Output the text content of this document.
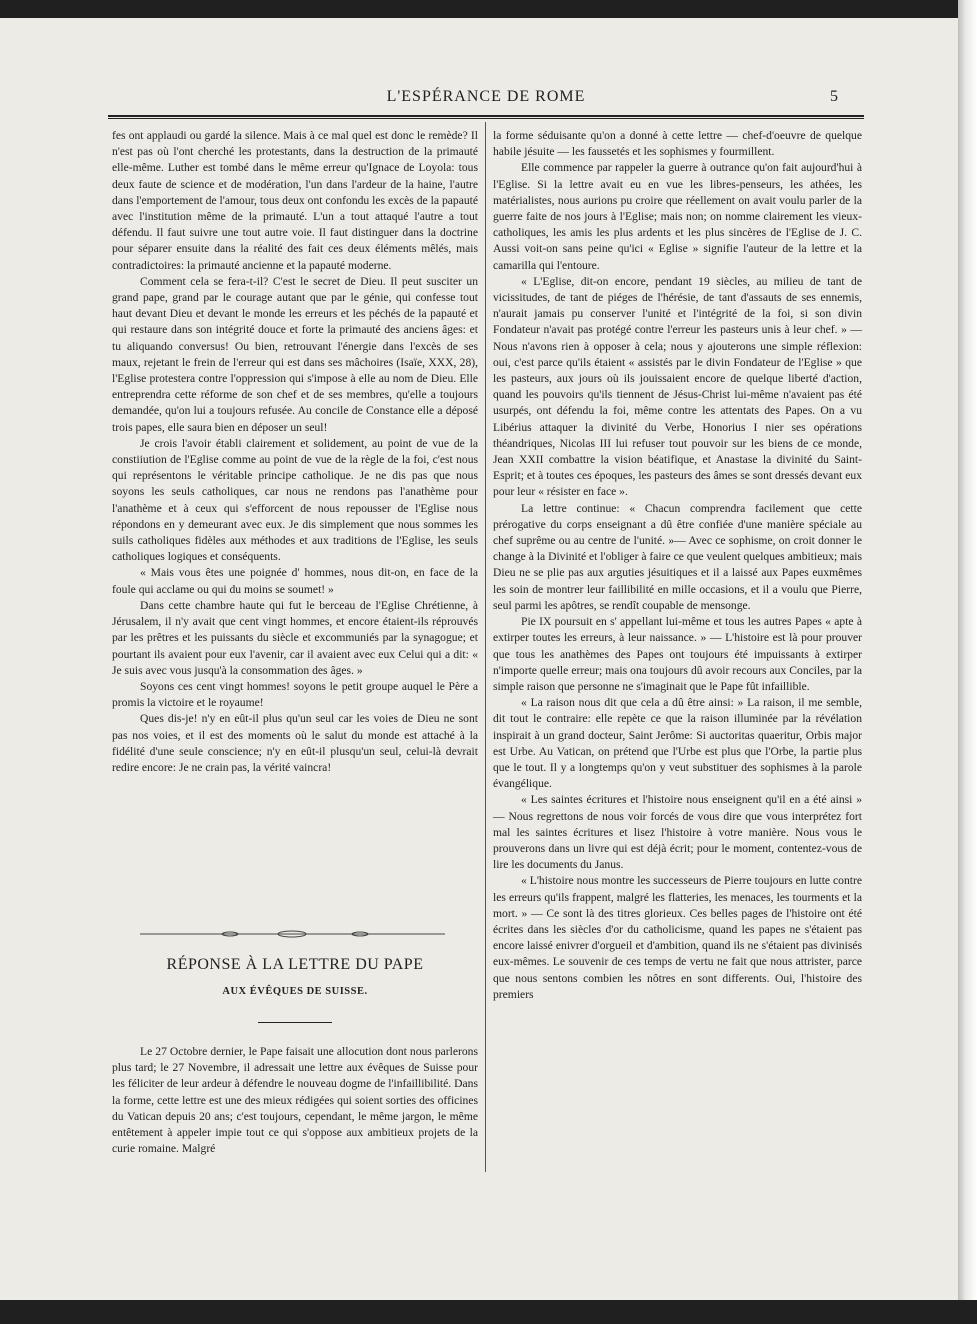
L'ESPÉRANCE DE ROME	5

fes ont applaudi ou gardé la silence. Mais à ce mal quel est donc le remède? Il n'est pas où l'ont cherché les protestants, dans la destruction de la primauté elle-même. Luther est tombé dans le même erreur qu'Ignace de Loyola: tous deux faute de science et de modération, l'un dans l'ardeur de la haine, l'autre dans l'emportement de l'amour, tous deux ont confondu les excès de la papauté avec l'institution même de la primauté. L'un a tout attaqué l'autre a tout défendu. Il faut suivre une tout autre voie. Il faut distinguer dans la doctrine pour séparer ensuite dans la réalité des fait ces deux éléments mêlés, mais contradictoires: la primauté ancienne et la papauté moderne.

Comment cela se fera-t-il? C'est le secret de Dieu. Il peut susciter un grand pape, grand par le courage autant que par le génie, qui confesse tout haut devant Dieu et devant le monde les erreurs et les péchés de la papauté et qui restaure dans son intégrité douce et forte la primauté des anciens âges: et tu aliquando conversus! Ou bien, retrouvant l'énergie dans l'excès de ses maux, rejetant le frein de l'erreur qui est dans ses mâchoires (Isaïe, XXX, 28), l'Eglise protestera contre l'oppression qui s'impose à elle au nom de Dieu. Elle entreprendra cette réforme de son chef et de ses membres, qu'elle a toujours demandée, qu'on lui a toujours refusée. Au concile de Constance elle a déposé trois papes, elle saura bien en déposer un seul!

Je crois l'avoir établi clairement et solidement, au point de vue de la constiiution de l'Eglise comme au point de vue de la règle de la foi, c'est nous qui représentons le véritable principe catholique. Je ne dis pas que nous soyons les seuls catholiques, car nous ne rendons pas l'anathème pour l'anathème et à ceux qui s'efforcent de nous repousser de l'Eglise nous répondons en y demeurant avec eux. Je dis simplement que nous sommes les suils catholiques fidèles aux méthodes et aux traditions de l'Eglise, les seuls catholiques logiques et conséquents.

« Mais vous êtes une poignée d' hommes, nous dit-on, en face de la foule qui acclame ou qui du moins se soumet! »

Dans cette chambre haute qui fut le berceau de l'Eglise Chrétienne, à Jérusalem, il n'y avait que cent vingt hommes, et encore étaient-ils réprouvés par les prêtres et les puissants du siècle et excommuniés par la synagogue; et pourtant ils avaient pour eux l'avenir, car il avaient avec eux Celui qui a dit: « Je suis avec vous jusqu'à la consommation des âges. »

Soyons ces cent vingt hommes! soyons le petit groupe auquel le Père a promis la victoire et le royaume!

Ques dis-je! n'y en eût-il plus qu'un seul car les voies de Dieu ne sont pas nos voies, et il est des moments où le salut du monde est attaché à la fidélité d'une seule conscience; n'y en eût-il plusqu'un seul, celui-là devrait redire encore: Je ne crain pas, la vérité vaincra!

RÉPONSE À LA LETTRE DU PAPE
AUX ÉVÊQUES DE SUISSE.

Le 27 Octobre dernier, le Pape faisait une allocution dont nous parlerons plus tard; le 27 Novembre, il adressait une lettre aux évêques de Suisse pour les féliciter de leur ardeur à défendre le nouveau dogme de l'infaillibilité. Dans la forme, cette lettre est une des mieux rédigées qui soient sorties des officines du Vatican depuis 20 ans; c'est toujours, cependant, le même jargon, le même entêtement à appeler impie tout ce qui s'oppose aux ambitieux projets de la curie romaine. Malgré

la forme séduisante qu'on a donné à cette lettre — chef-d'oeuvre de quelque habile jésuite — les faussetés et les sophismes y fourmillent.

Elle commence par rappeler la guerre à outrance qu'on fait aujourd'hui à l'Eglise. Si la lettre avait eu en vue les libres-penseurs, les athées, les matérialistes, nous aurions pu croire que réellement on avait voulu parler de la guerre faite de nos jours à l'Eglise; mais non; on nomme clairement les vieux-catholiques, les amis les plus ardents et les plus sincères de l'Eglise de J. C. Aussi voit-on sans peine qu'ici « Eglise » signifie l'auteur de la lettre et la camarilla qui l'entoure.

« L'Eglise, dit-on encore, pendant 19 siècles, au milieu de tant de vicissitudes, de tant de piéges de l'hérésie, de tant d'assauts de ses ennemis, n'aurait jamais pu conserver l'unité et l'intégrité de la foi, si son divin Fondateur n'avait pas protégé contre l'erreur les pasteurs unis à leur chef. » — Nous n'avons rien à opposer à cela; nous y ajouterons une simple réflexion: oui, c'est parce qu'ils étaient « assistés par le divin Fondateur de l'Eglise » que les pasteurs, aux jours où ils jouissaient encore de quelque liberté d'action, quand les pouvoirs qu'ils tiennent de Jésus-Christ lui-même n'avaient pas été usurpés, ont défendu la foi, même contre les attentats des Papes. On a vu Libérius attaquer la divinité du Verbe, Honorius I nier ses opérations théandriques, Nicolas III lui refuser tout pouvoir sur les biens de ce monde, Jean XXII combattre la vision béatifique, et Anastase la divinité du Saint-Esprit; et à toutes ces époques, les pasteurs des âmes se sont dressés devant eux pour leur « résister en face ».

La lettre continue: « Chacun comprendra facilement que cette prérogative du corps enseignant a dû être confiée d'une manière spéciale au chef suprême ou au centre de l'unité. »— Avec ce sophisme, on croit donner le change à la Divinité et l'obliger à faire ce que veulent quelques ambitieux; mais Dieu ne se plie pas aux arguties jésuitiques et il a laissé aux Papes euxmêmes les soin de montrer leur faillibilité en mille occasions, et il a voulu que Pierre, seul parmi les apôtres, se rendît coupable de mensonge.

Pie IX poursuit en s' appellant lui-même et tous les autres Papes « apte à extirper toutes les erreurs, à leur naissance. » — L'histoire est là pour prouver que tous les anathèmes des Papes ont toujours été impuissants à extirper n'importe quelle erreur; mais ona toujours dû avoir recours aux Conciles, par la simple raison que personne ne s'imaginait que le Pape fût infaillible.

« La raison nous dit que cela a dû être ainsi: » La raison, il me semble, dit tout le contraire: elle repète ce que la raison illuminée par la révélation inspirait à un grand docteur, Saint Jerôme: Si auctoritas quaeritur, Orbis major est Urbe. Au Vatican, on prétend que l'Urbe est plus que l'Orbe, la partie plus que le tout. Il y a longtemps qu'on y veut substituer des sophismes à la parole évangélique.

« Les saintes écritures et l'histoire nous enseignent qu'il en a été ainsi » — Nous regrettons de nous voir forcés de vous dire que vous interprétez fort mal les saintes écritures et lisez l'histoire à votre manière. Nous vous le prouverons dans un livre qui est déjà écrit; pour le moment, contentez-vous de lire les documents du Janus.

« L'histoire nous montre les successeurs de Pierre toujours en lutte contre les erreurs qu'ils frappent, malgré les flatteries, les menaces, les tourments et la mort. » — Ce sont là des titres glorieux. Ces belles pages de l'histoire ont été écrites dans les siècles d'or du catholicisme, quand les papes ne s'étaient pas encore laissé enivrer d'orgueil et d'ambition, quand ils ne s'étaient pas divinisés eux-mêmes. Le souvenir de ces temps de vertu ne fait que nous attrister, parce que nous sentons combien les nôtres en sont differents. Oui, l'histoire des premiers
